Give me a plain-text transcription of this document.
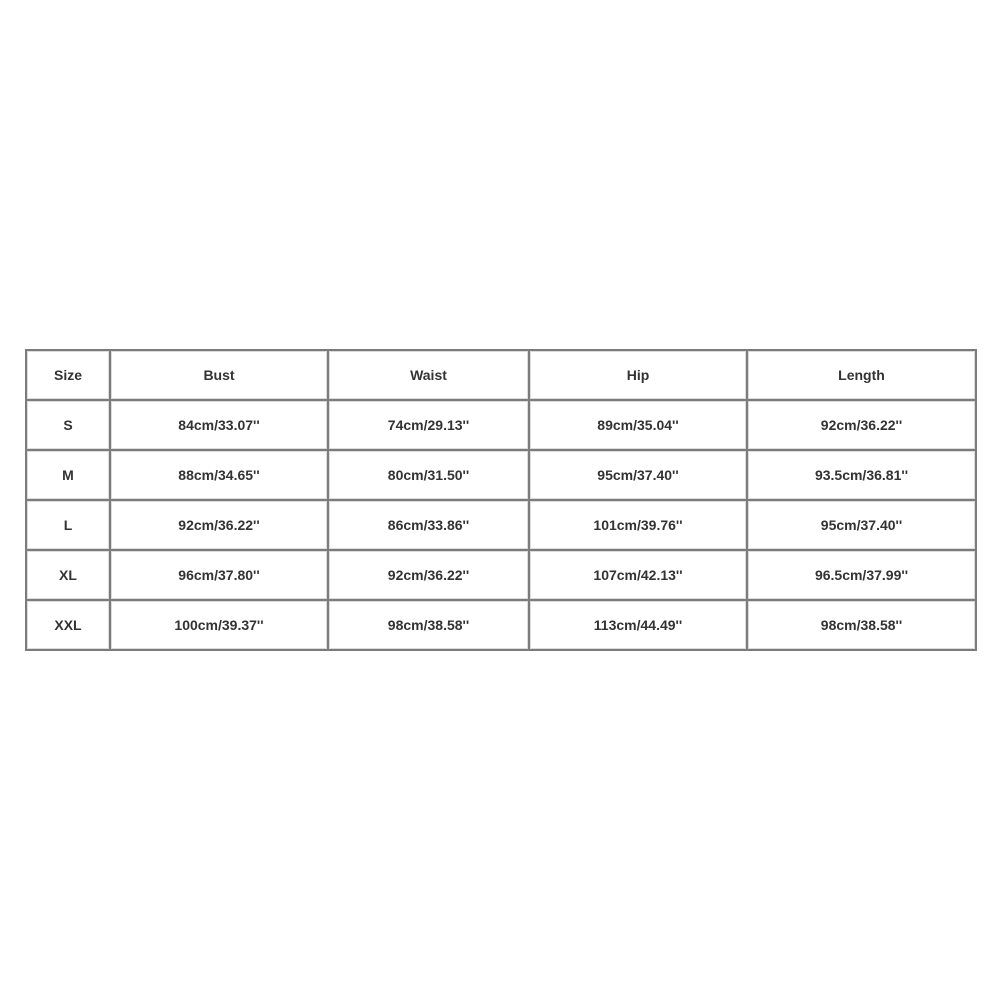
Size	Bust	Waist	Hip	Length
S	84cm/33.07''	74cm/29.13''	89cm/35.04''	92cm/36.22''
M	88cm/34.65''	80cm/31.50''	95cm/37.40''	93.5cm/36.81''
L	92cm/36.22''	86cm/33.86''	101cm/39.76''	95cm/37.40''
XL	96cm/37.80''	92cm/36.22''	107cm/42.13''	96.5cm/37.99''
XXL	100cm/39.37''	98cm/38.58''	113cm/44.49''	98cm/38.58''
